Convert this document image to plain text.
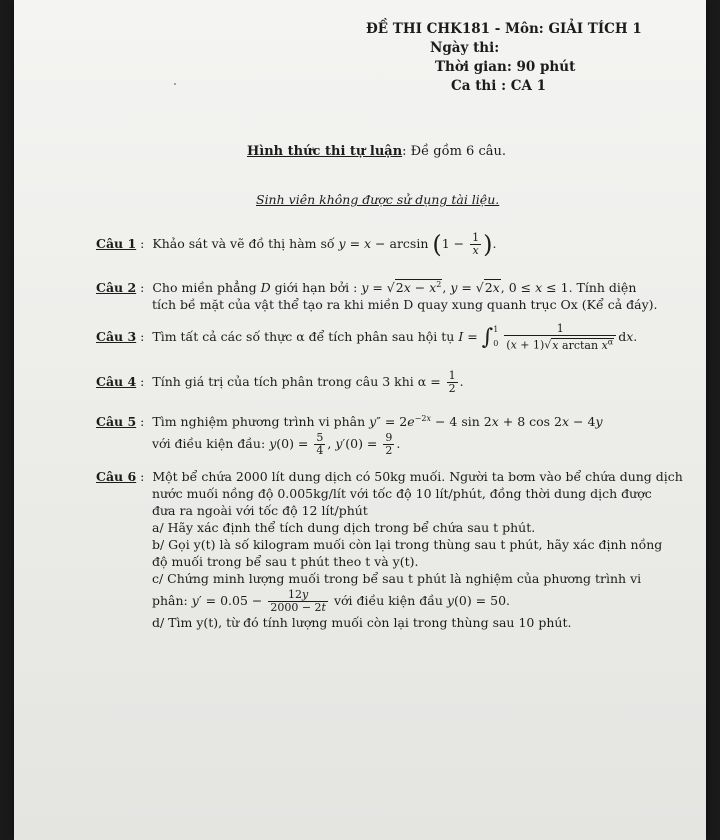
ĐỀ THI CHK181 - Môn: GIẢI TÍCH 1
Ngày thi:
Thời gian: 90 phút
Ca thi : CA 1
Hình thức thi tự luận: Đề gồm 6 câu.
Sinh viên không được sử dụng tài liệu.
Câu 1 : Khảo sát và vẽ đồ thị hàm số $y = x - \arcsin (1 - \frac{1}{x}$ ).
Câu 2 : Cho miền phẳng D giới hạn bởi : $y = √2x - x^2$, y = √2x, 0 ≤ x ≤ 1. Tính diện
tích bề mặt của vật thể tạo ra khi miền D quay xung quanh trục Ox (Kể cả đáy).
Câu 3 : Tìm tất cả các số thực α để tích phân sau hội tụ I = ∫ 1
0
$\frac{1}{(x + 1)√x \arctan x^\alpha}$ dx.
Câu 4 : Tính giá trị của tích phân trong câu 3 khi $\alpha = \frac{1}{2}$ .
Câu 5 : Tìm nghiệm phương trình vi phân $y'' = 2e^{-2x} - 4$ sin 2x + 8 cos 2x − 4y
với điều kiện đầu: $y(0) = \frac{5}{4}$ , $y'(0) = \frac{9}{2}$ .
Câu 6 : Một bể chứa 2000 lít dung dịch có 50kg muối. Người ta bơm vào bể chứa dung dịch
nước muối nồng độ 0.005kg/lít với tốc độ 10 lít/phút, đồng thời dung dịch được
đưa ra ngoài với tốc độ 12 lít/phút
a/ Hãy xác định thể tích dung dịch trong bể chứa sau t phút.
b/ Gọi y(t) là số kilogram muối còn lại trong thùng sau t phút, hãy xác định nồng
độ muối trong bể sau t phút theo t và y(t).
c/ Chứng minh lượng muối trong bể sau t phút là nghiệm của phương trình vi
phân: $y' = 0.05 - \frac{12y}{2000 - 2t}$ với điều kiện đầu y(0) = 50.
d/ Tìm y(t), từ đó tính lượng muối còn lại trong thùng sau 10 phút.
